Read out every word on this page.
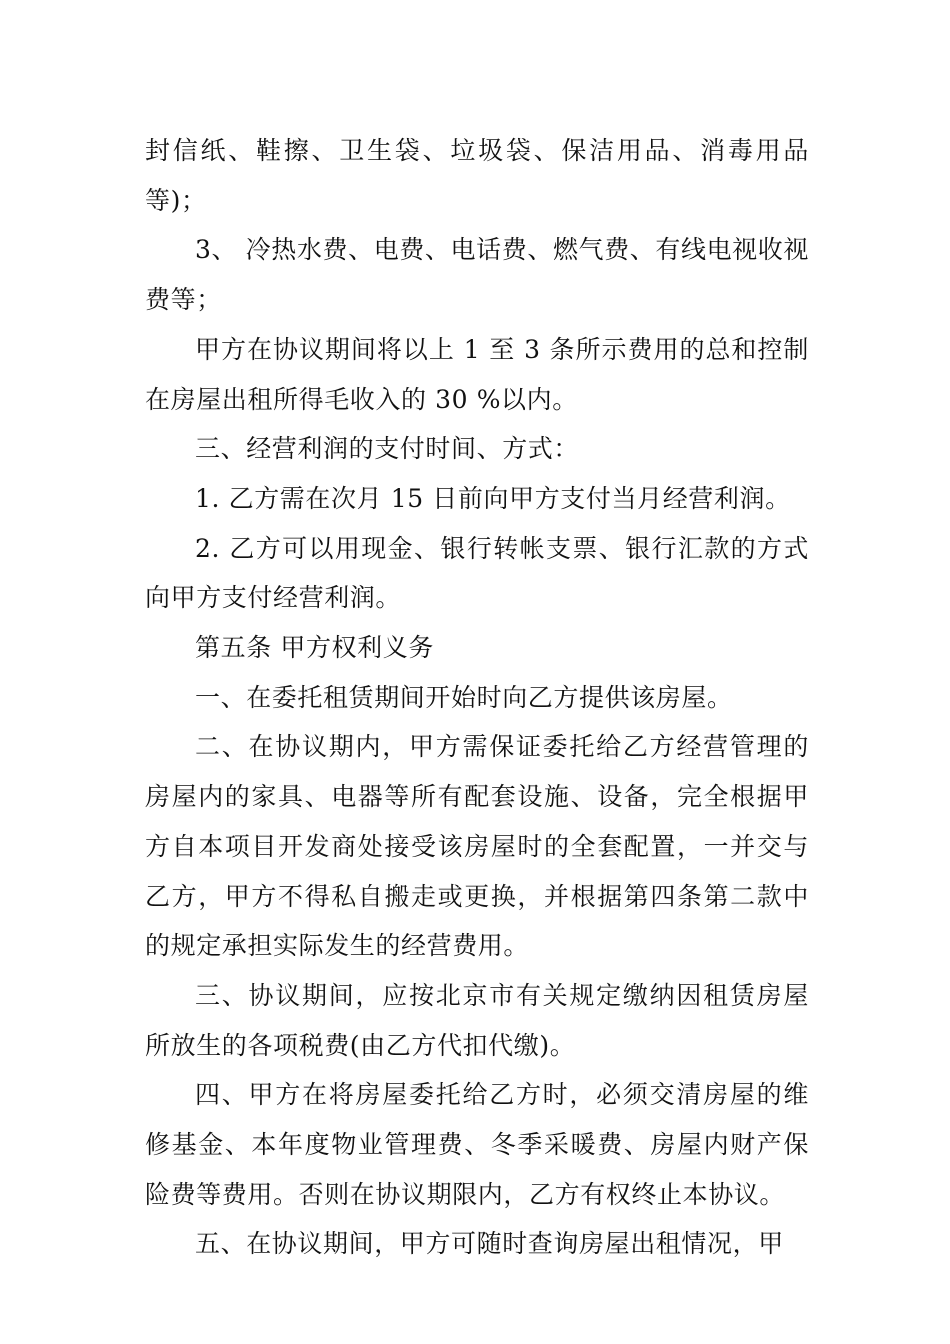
封信纸、鞋擦、卫生袋、垃圾袋、保洁用品、消毒用品等)；

3、 冷热水费、电费、电话费、燃气费、有线电视收视费等；

甲方在协议期间将以上 1 至 3 条所示费用的总和控制在房屋出租所得毛收入的 30 %以内。

三、经营利润的支付时间、方式：

1. 乙方需在次月 15 日前向甲方支付当月经营利润。

2. 乙方可以用现金、银行转帐支票、银行汇款的方式向甲方支付经营利润。

第五条 甲方权利义务

一、在委托租赁期间开始时向乙方提供该房屋。

二、在协议期内，甲方需保证委托给乙方经营管理的房屋内的家具、电器等所有配套设施、设备，完全根据甲方自本项目开发商处接受该房屋时的全套配置，一并交与乙方，甲方不得私自搬走或更换，并根据第四条第二款中的规定承担实际发生的经营费用。

三、协议期间，应按北京市有关规定缴纳因租赁房屋所放生的各项税费(由乙方代扣代缴)。

四、甲方在将房屋委托给乙方时，必须交清房屋的维修基金、本年度物业管理费、冬季采暖费、房屋内财产保险费等费用。否则在协议期限内，乙方有权终止本协议。

五、在协议期间，甲方可随时查询房屋出租情况，甲
